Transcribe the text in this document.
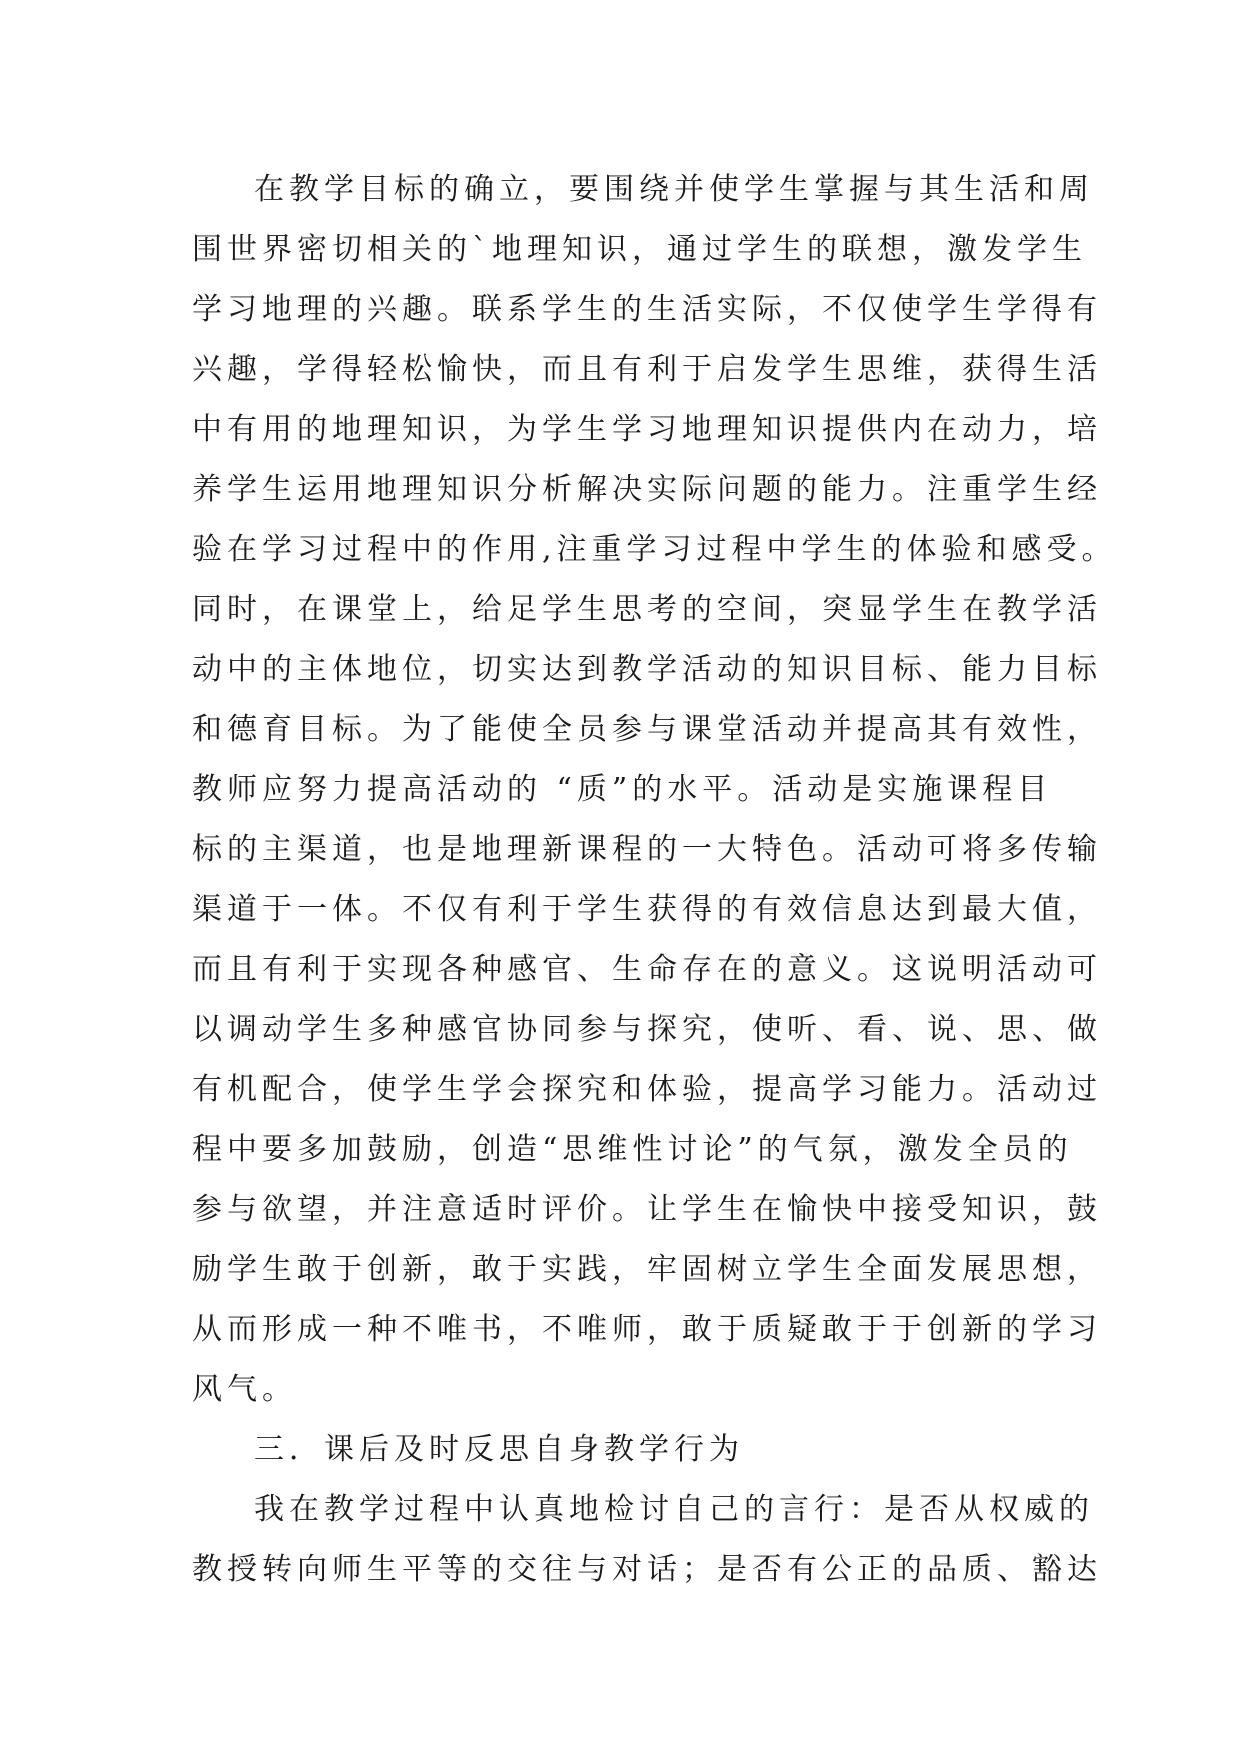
在教学目标的确立，要围绕并使学生掌握与其生活和周
围世界密切相关的`地理知识，通过学生的联想，激发学生
学习地理的兴趣。联系学生的生活实际，不仅使学生学得有
兴趣，学得轻松愉快，而且有利于启发学生思维，获得生活
中有用的地理知识，为学生学习地理知识提供内在动力，培
养学生运用地理知识分析解决实际问题的能力。注重学生经
验在学习过程中的作用,注重学习过程中学生的体验和感受。
同时，在课堂上，给足学生思考的空间，突显学生在教学活
动中的主体地位，切实达到教学活动的知识目标、能力目标
和德育目标。为了能使全员参与课堂活动并提高其有效性，
教师应努力提高活动的 “质”的水平。活动是实施课程目
标的主渠道，也是地理新课程的一大特色。活动可将多传输
渠道于一体。不仅有利于学生获得的有效信息达到最大值，
而且有利于实现各种感官、生命存在的意义。这说明活动可
以调动学生多种感官协同参与探究，使听、看、说、思、做
有机配合，使学生学会探究和体验，提高学习能力。活动过
程中要多加鼓励，创造“思维性讨论”的气氛，激发全员的
参与欲望，并注意适时评价。让学生在愉快中接受知识，鼓
励学生敢于创新，敢于实践，牢固树立学生全面发展思想，
从而形成一种不唯书，不唯师，敢于质疑敢于于创新的学习
风气。
三．课后及时反思自身教学行为
我在教学过程中认真地检讨自己的言行：是否从权威的
教授转向师生平等的交往与对话；是否有公正的品质、豁达
